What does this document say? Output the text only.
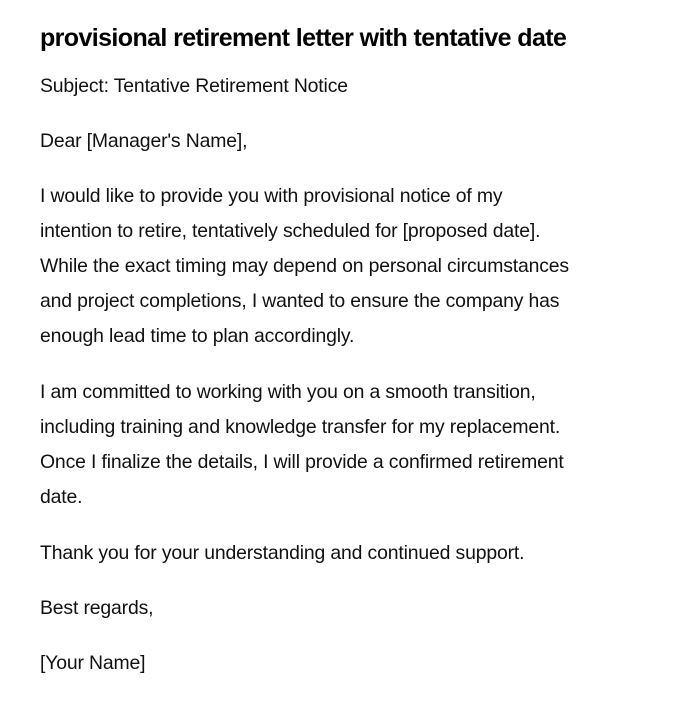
provisional retirement letter with tentative date

Subject: Tentative Retirement Notice

Dear [Manager's Name],

I would like to provide you with provisional notice of my
intention to retire, tentatively scheduled for [proposed date].
While the exact timing may depend on personal circumstances
and project completions, I wanted to ensure the company has
enough lead time to plan accordingly.

I am committed to working with you on a smooth transition,
including training and knowledge transfer for my replacement.
Once I finalize the details, I will provide a confirmed retirement
date.

Thank you for your understanding and continued support.

Best regards,

[Your Name]
